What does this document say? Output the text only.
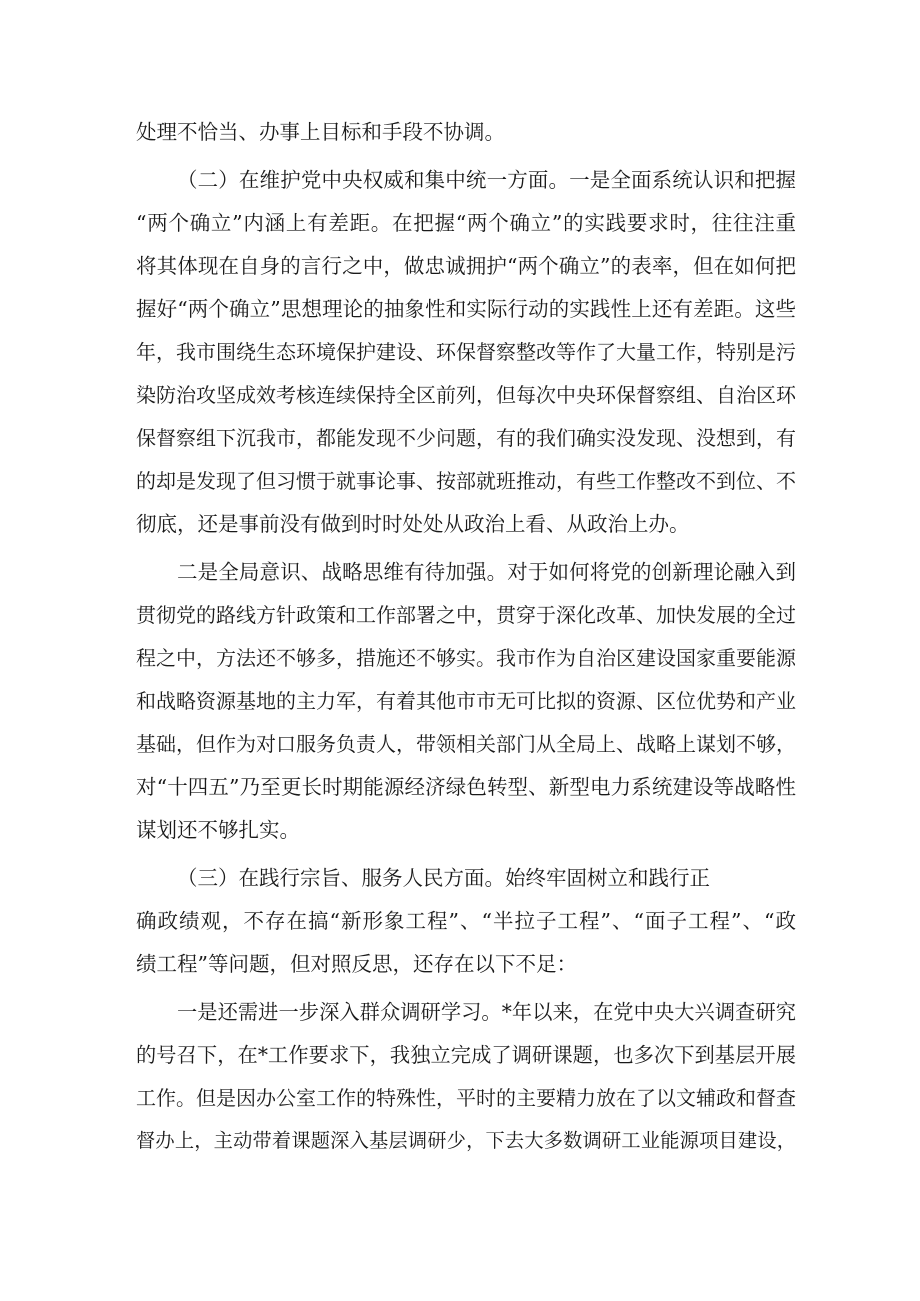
处理不恰当、办事上目标和手段不协调。

（二）在维护党中央权威和集中统一方面。一是全面系统认识和把握

“两个确立”内涵上有差距。在把握“两个确立”的实践要求时，往往注重

将其体现在自身的言行之中，做忠诚拥护“两个确立”的表率，但在如何把

握好“两个确立”思想理论的抽象性和实际行动的实践性上还有差距。这些

年，我市围绕生态环境保护建设、环保督察整改等作了大量工作，特别是污

染防治攻坚成效考核连续保持全区前列，但每次中央环保督察组、自治区环

保督察组下沉我市，都能发现不少问题，有的我们确实没发现、没想到，有

的却是发现了但习惯于就事论事、按部就班推动，有些工作整改不到位、不

彻底，还是事前没有做到时时处处从政治上看、从政治上办。

二是全局意识、战略思维有待加强。对于如何将党的创新理论融入到

贯彻党的路线方针政策和工作部署之中，贯穿于深化改革、加快发展的全过

程之中，方法还不够多，措施还不够实。我市作为自治区建设国家重要能源

和战略资源基地的主力军，有着其他市市无可比拟的资源、区位优势和产业

基础，但作为对口服务负责人，带领相关部门从全局上、战略上谋划不够，

对“十四五”乃至更长时期能源经济绿色转型、新型电力系统建设等战略性

谋划还不够扎实。

（三）在践行宗旨、服务人民方面。始终牢固树立和践行正

确政绩观，不存在搞“新形象工程”、“半拉子工程”、“面子工程”、“政

绩工程”等问题，但对照反思，还存在以下不足：

一是还需进一步深入群众调研学习。*年以来，在党中央大兴调查研究

的号召下，在*工作要求下，我独立完成了调研课题，也多次下到基层开展

工作。但是因办公室工作的特殊性，平时的主要精力放在了以文辅政和督查

督办上，主动带着课题深入基层调研少，下去大多数调研工业能源项目建设，
